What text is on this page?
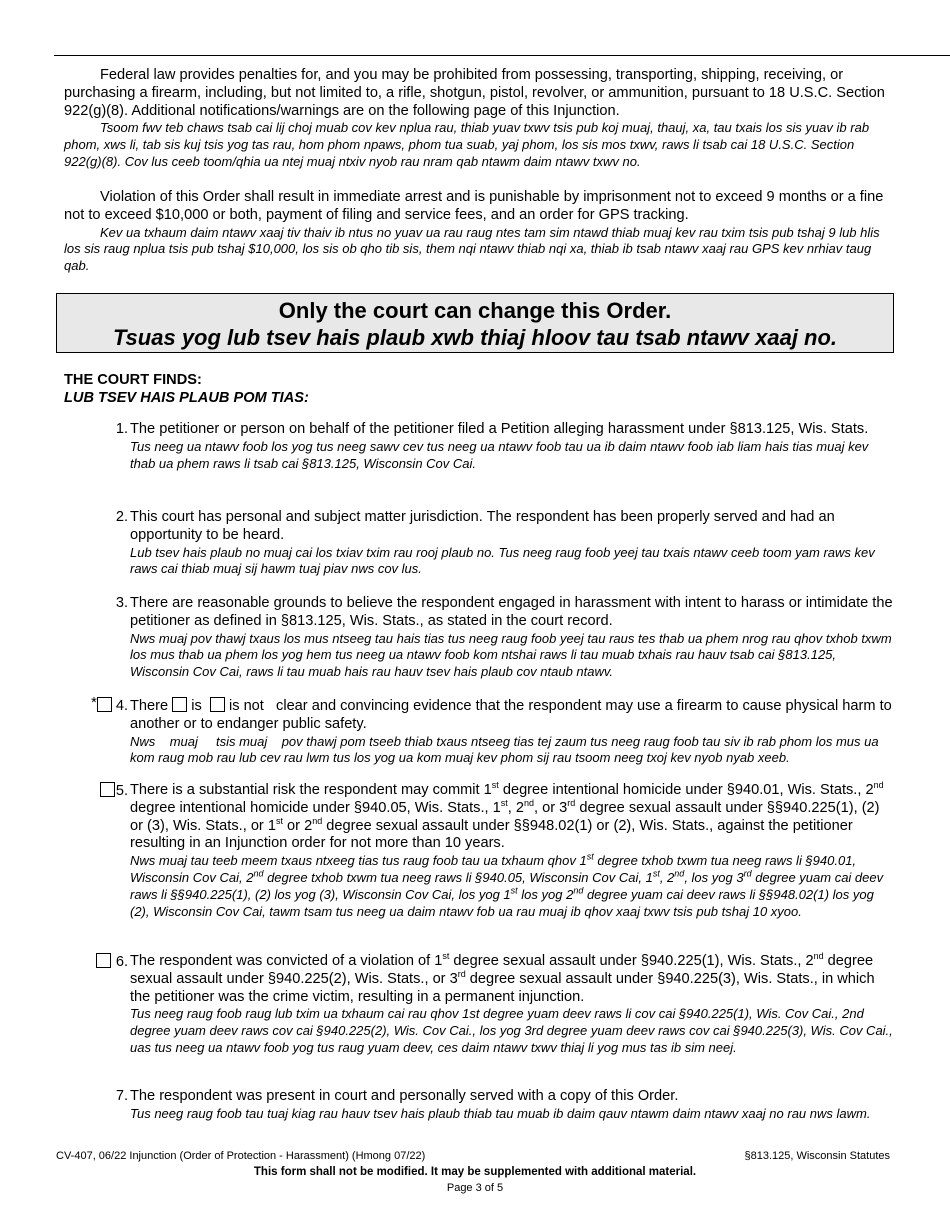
Federal law provides penalties for, and you may be prohibited from possessing, transporting, shipping, receiving, or purchasing a firearm, including, but not limited to, a rifle, shotgun, pistol, revolver, or ammunition, pursuant to 18 U.S.C. Section 922(g)(8). Additional notifications/warnings are on the following page of this Injunction.

Tsoom fwv teb chaws tsab cai lij choj muab cov kev nplua rau, thiab yuav txwv tsis pub koj muaj, thauj, xa, tau txais los sis yuav ib rab phom, xws li, tab sis kuj tsis yog tas rau, hom phom npaws, phom tua suab, yaj phom, los sis mos txwv, raws li tsab cai 18 U.S.C. Section 922(g)(8). Cov lus ceeb toom/qhia ua ntej muaj ntxiv nyob rau nram qab ntawm daim ntawv txwv no.

Violation of this Order shall result in immediate arrest and is punishable by imprisonment not to exceed 9 months or a fine not to exceed $10,000 or both, payment of filing and service fees, and an order for GPS tracking.

Kev ua txhaum daim ntawv xaaj tiv thaiv ib ntus no yuav ua rau raug ntes tam sim ntawd thiab muaj kev rau txim tsis pub tshaj 9 lub hlis los sis raug nplua tsis pub tshaj $10,000, los sis ob qho tib sis, them nqi ntawv thiab nqi xa, thiab ib tsab ntawv xaaj rau GPS kev nrhiav taug qab.

Only the court can change this Order.
Tsuas yog lub tsev hais plaub xwb thiaj hloov tau tsab ntawv xaaj no.
THE COURT FINDS:
LUB TSEV HAIS PLAUB POM TIAS:
1. The petitioner or person on behalf of the petitioner filed a Petition alleging harassment under §813.125, Wis. Stats.

Tus neeg ua ntawv foob los yog tus neeg sawv cev tus neeg ua ntawv foob tau ua ib daim ntawv foob iab liam hais tias muaj kev thab ua phem raws li tsab cai §813.125, Wisconsin Cov Cai.

2. This court has personal and subject matter jurisdiction. The respondent has been properly served and had an opportunity to be heard.

Lub tsev hais plaub no muaj cai los txiav txim rau rooj plaub no. Tus neeg raug foob yeej tau txais ntawv ceeb toom yam raws kev raws cai thiab muaj sij hawm tuaj piav nws cov lus.

3. There are reasonable grounds to believe the respondent engaged in harassment with intent to harass or intimidate the petitioner as defined in §813.125, Wis. Stats., as stated in the court record.

Nws muaj pov thawj txaus los mus ntseeg tau hais tias tus neeg raug foob yeej tau raus tes thab ua phem nrog rau qhov txhob txwm los mus thab ua phem los yog hem tus neeg ua ntawv foob kom ntshai raws li tau muab txhais rau hauv tsab cai §813.125, Wisconsin Cov Cai, raws li tau muab hais rau hauv tsev hais plaub cov ntaub ntawv.

* 4. There is is not clear and convincing evidence that the respondent may use a firearm to cause physical harm to another or to endanger public safety.

Nws    muaj     tsis muaj    pov thawj pom tseeb thiab txaus ntseeg tias tej zaum tus neeg raug foob tau siv ib rab phom los mus ua kom raug mob rau lub cev rau lwm tus los yog ua kom muaj kev phom sij rau tsoom neeg txoj kev nyob nyab xeeb.

5. There is a substantial risk the respondent may commit 1st degree intentional homicide under §940.01, Wis. Stats., 2nd degree intentional homicide under §940.05, Wis. Stats., 1st, 2nd, or 3rd degree sexual assault under §§940.225(1), (2) or (3), Wis. Stats., or 1st or 2nd degree sexual assault under §§948.02(1) or (2), Wis. Stats., against the petitioner resulting in an Injunction order for not more than 10 years.

Nws muaj tau teeb meem txaus ntxeeg tias tus raug foob tau ua txhaum qhov 1st degree txhob txwm tua neeg raws li §940.01, Wisconsin Cov Cai, 2nd degree txhob txwm tua neeg raws li §940.05, Wisconsin Cov Cai, 1st, 2nd, los yog 3rd degree yuam cai deev raws li §§940.225(1), (2) los yog (3), Wisconsin Cov Cai, los yog 1st los yog 2nd degree yuam cai deev raws li §§948.02(1) los yog (2), Wisconsin Cov Cai, tawm tsam tus neeg ua daim ntawv fob ua rau muaj ib qhov xaaj txwv tsis pub tshaj 10 xyoo.

6. The respondent was convicted of a violation of 1st degree sexual assault under §940.225(1), Wis. Stats., 2nd degree sexual assault under §940.225(2), Wis. Stats., or 3rd degree sexual assault under §940.225(3), Wis. Stats., in which the petitioner was the crime victim, resulting in a permanent injunction.

Tus neeg raug foob raug lub txim ua txhaum cai rau qhov 1st degree yuam deev raws li cov cai §940.225(1), Wis. Cov Cai., 2nd degree yuam deev raws cov cai §940.225(2), Wis. Cov Cai., los yog 3rd degree yuam deev raws cov cai §940.225(3), Wis. Cov Cai., uas tus neeg ua ntawv foob yog tus raug yuam deev, ces daim ntawv txwv thiaj li yog mus tas ib sim neej.

7. The respondent was present in court and personally served with a copy of this Order.

Tus neeg raug foob tau tuaj kiag rau hauv tsev hais plaub thiab tau muab ib daim qauv ntawm daim ntawv xaaj no rau nws lawm.

CV-407, 06/22 Injunction (Order of Protection - Harassment) (Hmong 07/22)	§813.125, Wisconsin Statutes
This form shall not be modified. It may be supplemented with additional material.
Page 3 of 5
